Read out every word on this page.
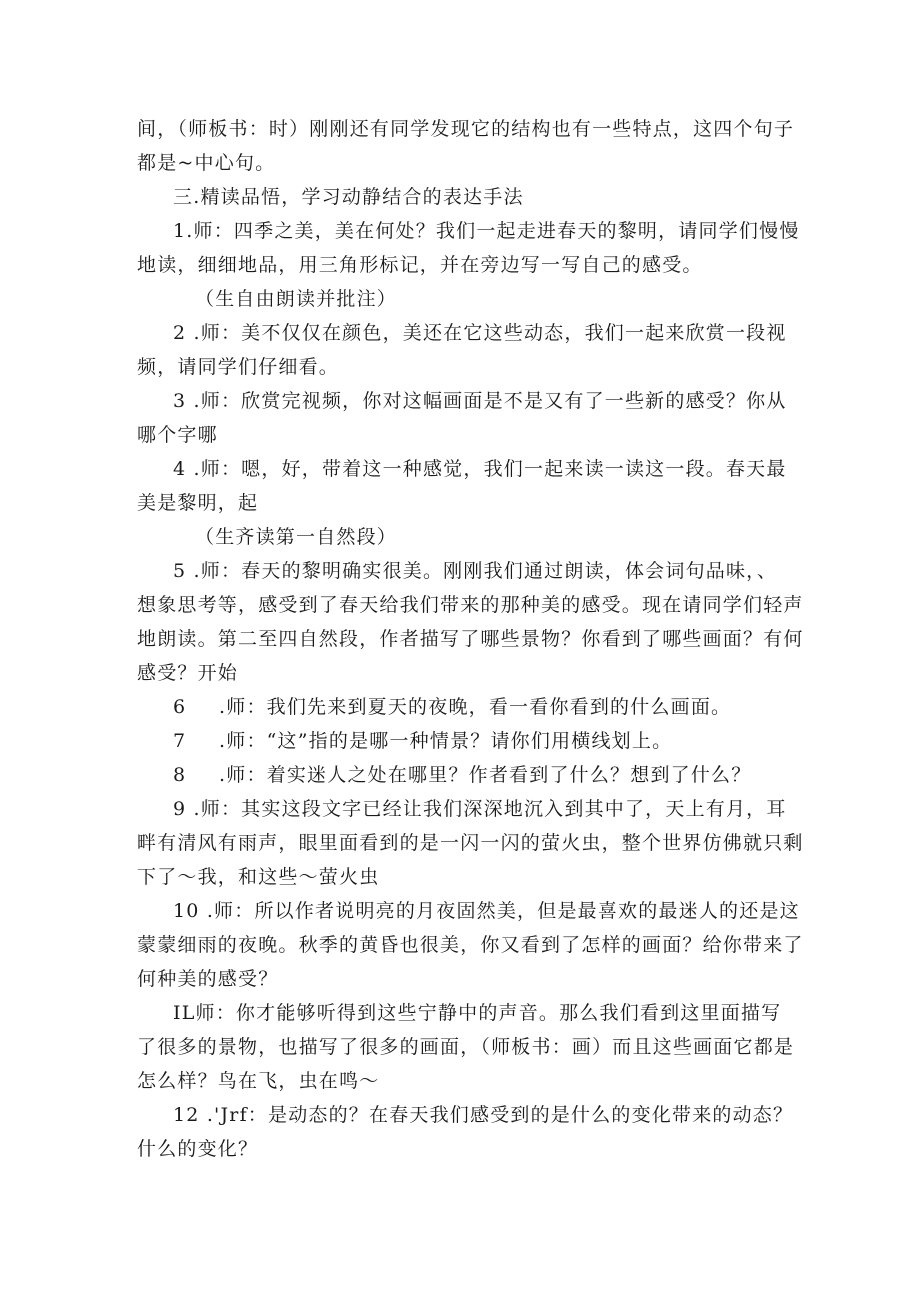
间，（师板书：时）刚刚还有同学发现它的结构也有一些特点，这四个句子
都是~中心句。
三.精读品悟，学习动静结合的表达手法
1.师：四季之美，美在何处？我们一起走进春天的黎明，请同学们慢慢
地读，细细地品，用三角形标记，并在旁边写一写自己的感受。
（生自由朗读并批注）
2 .师：美不仅仅在颜色，美还在它这些动态，我们一起来欣赏一段视
频，请同学们仔细看。
3 .师：欣赏完视频，你对这幅画面是不是又有了一些新的感受？你从
哪个字哪
4 .师：嗯，好，带着这一种感觉，我们一起来读一读这一段。春天最
美是黎明，起
（生齐读第一自然段）
5 .师：春天的黎明确实很美。刚刚我们通过朗读，体会词句品味，、
想象思考等，感受到了春天给我们带来的那种美的感受。现在请同学们轻声
地朗读。第二至四自然段，作者描写了哪些景物？你看到了哪些画面？有何
感受？开始
6 .师：我们先来到夏天的夜晚，看一看你看到的什么画面。
7 .师：“这”指的是哪一种情景？请你们用横线划上。
8 .师：着实迷人之处在哪里？作者看到了什么？想到了什么？
9 .师：其实这段文字已经让我们深深地沉入到其中了，天上有月，耳
畔有清风有雨声，眼里面看到的是一闪一闪的萤火虫，整个世界仿佛就只剩
下了〜我，和这些〜萤火虫
10 .师：所以作者说明亮的月夜固然美，但是最喜欢的最迷人的还是这
蒙蒙细雨的夜晚。秋季的黄昏也很美，你又看到了怎样的画面？给你带来了
何种美的感受？
IL师：你才能够听得到这些宁静中的声音。那么我们看到这里面描写
了很多的景物，也描写了很多的画面，（师板书：画）而且这些画面它都是
怎么样？鸟在飞，虫在鸣〜
12 .'Jrf：是动态的？在春天我们感受到的是什么的变化带来的动态？
什么的变化？
